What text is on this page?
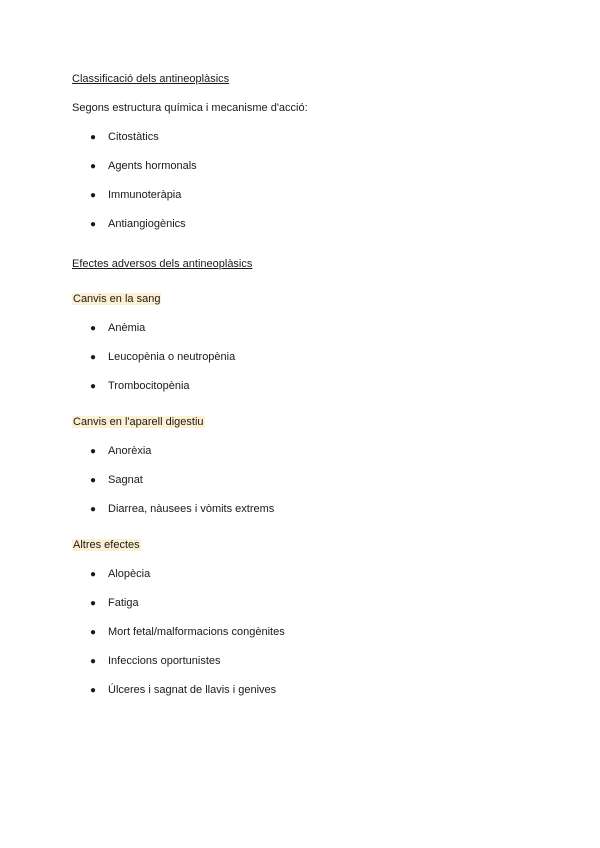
Classificació dels antineoplàsics
Segons estructura química i mecanisme d'acció:
● Citostàtics
● Agents hormonals
● Immunoteràpia
● Antiangiogènics
Efectes adversos dels antineoplàsics
Canvis en la sang
● Anèmia
● Leucopènia o neutropènia
● Trombocitopènia
Canvis en l'aparell digestiu
● Anorèxia
● Sagnat
● Diarrea, nàusees i vòmits extrems
Altres efectes
● Alopècia
● Fatiga
● Mort fetal/malformacions congènites
● Infeccions oportunistes
● Úlceres i sagnat de llavis i genives
